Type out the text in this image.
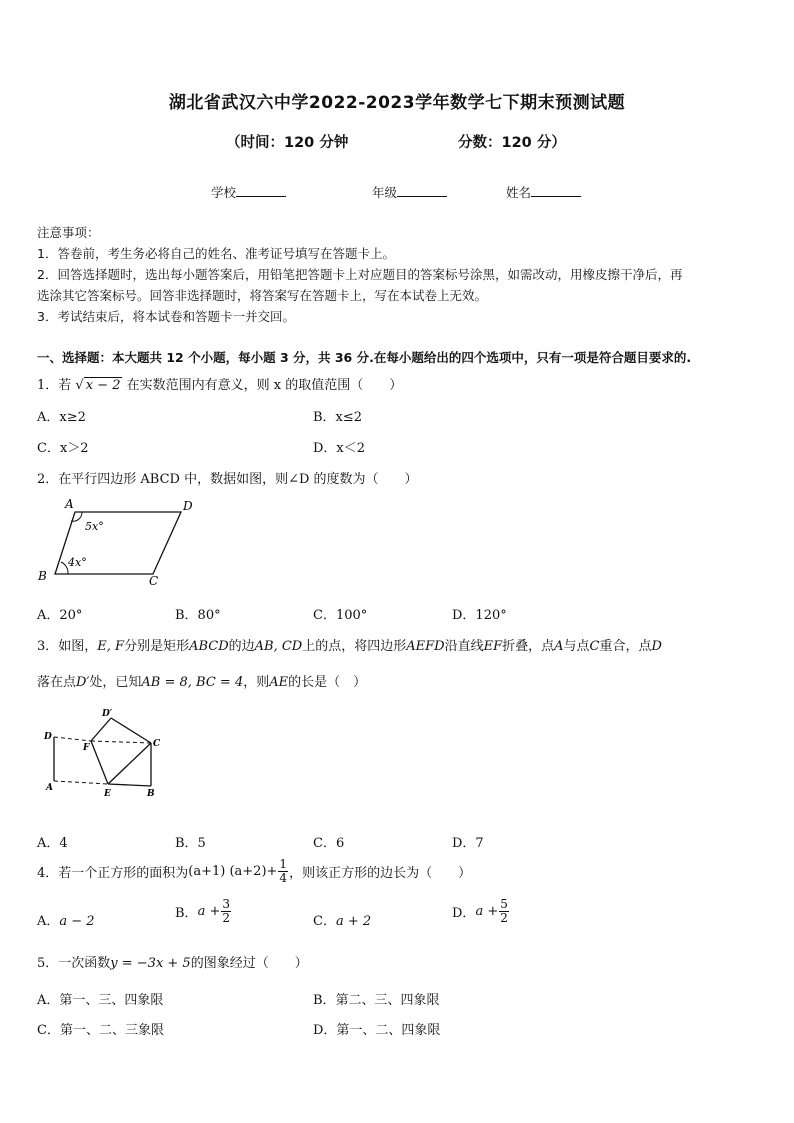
湖北省武汉六中学2022-2023学年数学七下期末预测试题
（时间：120 分钟	分数：120 分）
学校	年级	姓名
注意事项：
1．答卷前，考生务必将自己的姓名、准考证号填写在答题卡上。
2．回答选择题时，选出每小题答案后，用铅笔把答题卡上对应题目的答案标号涂黑，如需改动，用橡皮擦干净后，再
选涂其它答案标号。回答非选择题时，将答案写在答题卡上，写在本试卷上无效。
3．考试结束后，将本试卷和答题卡一并交回。
一、选择题：本大题共 12 个小题，每小题 3 分，共 36 分.在每小题给出的四个选项中，只有一项是符合题目要求的.
1．若 √ x − 2 在实数范围内有意义，则 x 的取值范围（　　）
A．x≥2	B．x≤2
C．x＞2	D．x＜2
2．在平行四边形 ABCD 中，数据如图，则∠D 的度数为（　　）
A	D
B	C
5x°
4x°
A．20°	B．80°	C．100°	D．120°
3．如图，E, F分别是矩形ABCD的边AB, CD上的点，将四边形AEFD沿直线EF折叠，点A与点C重合，点D
落在点D′处，已知AB = 8, BC = 4，则AE的长是（　）
D′
D
F	C
A
E	B
A．4	B．5	C．6	D．7
4．若一个正方形的面积为 (a+1) $(a+2)+ \frac{1}{4}$ ，则该正方形的边长为（　　）
A．a − 2
B． $a + \frac{3}{2}$	C．a + 2
D． $a + \frac{5}{2}$
5．一次函数y = −3x + 5的图象经过（　　）
A．第一、三、四象限	B．第二、三、四象限
C．第一、二、三象限	D．第一、二、四象限
